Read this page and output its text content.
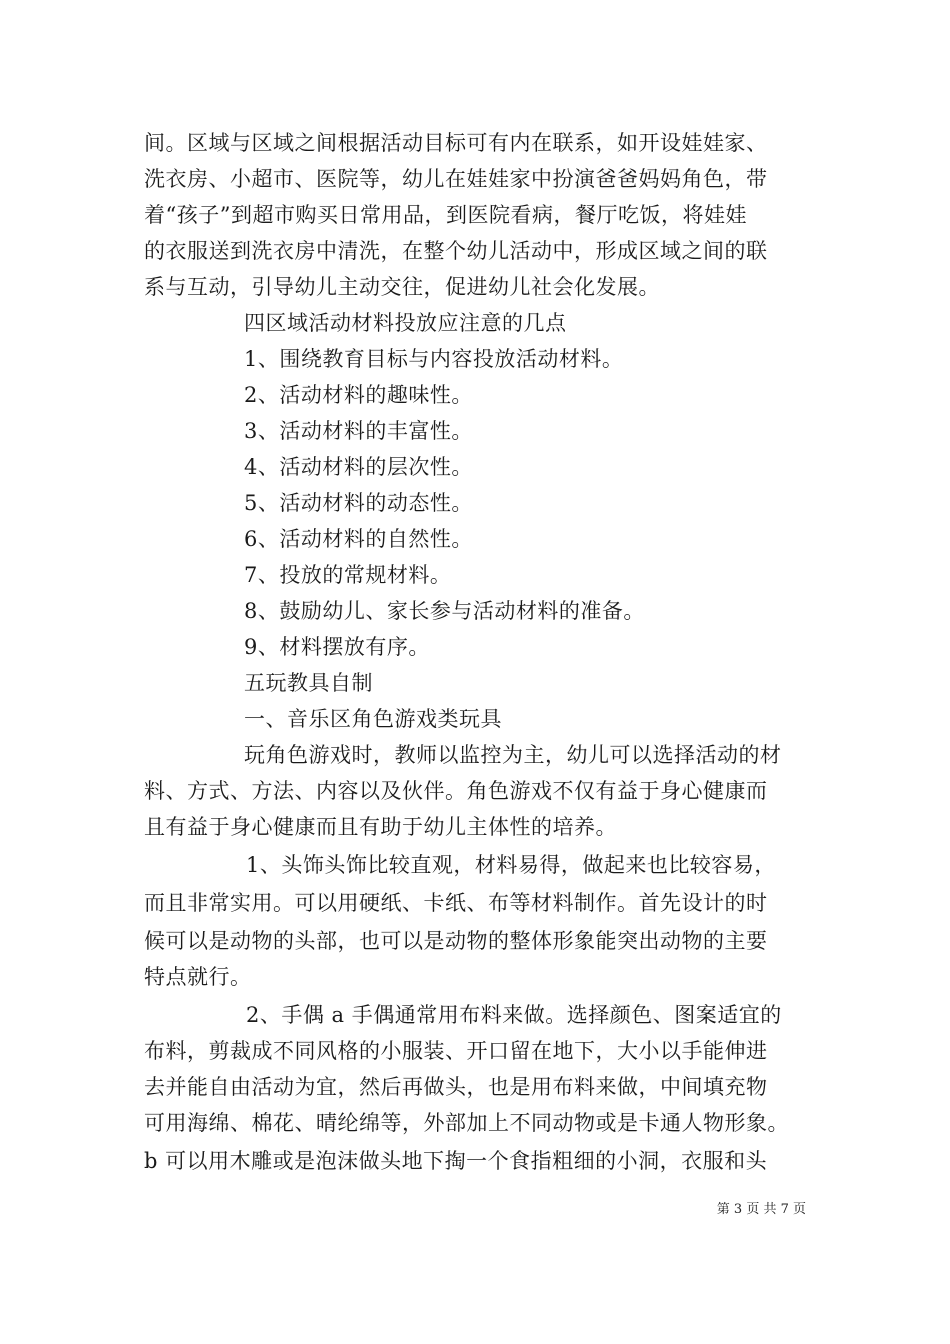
间。区域与区域之间根据活动目标可有内在联系，如开设娃娃家、
洗衣房、小超市、医院等，幼儿在娃娃家中扮演爸爸妈妈角色，带
着“孩子”到超市购买日常用品，到医院看病，餐厅吃饭，将娃娃
的衣服送到洗衣房中清洗，在整个幼儿活动中，形成区域之间的联
系与互动，引导幼儿主动交往，促进幼儿社会化发展。
四区域活动材料投放应注意的几点
1、围绕教育目标与内容投放活动材料。
2、活动材料的趣味性。
3、活动材料的丰富性。
4、活动材料的层次性。
5、活动材料的动态性。
6、活动材料的自然性。
7、投放的常规材料。
8、鼓励幼儿、家长参与活动材料的准备。
9、材料摆放有序。
五玩教具自制
一、音乐区角色游戏类玩具
玩角色游戏时，教师以监控为主，幼儿可以选择活动的材
料、方式、方法、内容以及伙伴。角色游戏不仅有益于身心健康而
且有益于身心健康而且有助于幼儿主体性的培养。
1、头饰头饰比较直观，材料易得，做起来也比较容易，
而且非常实用。可以用硬纸、卡纸、布等材料制作。首先设计的时
候可以是动物的头部，也可以是动物的整体形象能突出动物的主要
特点就行。
2、手偶 a 手偶通常用布料来做。选择颜色、图案适宜的
布料，剪裁成不同风格的小服装、开口留在地下，大小以手能伸进
去并能自由活动为宜，然后再做头，也是用布料来做，中间填充物
可用海绵、棉花、晴纶绵等，外部加上不同动物或是卡通人物形象。
b 可以用木雕或是泡沫做头地下掏一个食指粗细的小洞，衣服和头
第 3 页 共 7 页
